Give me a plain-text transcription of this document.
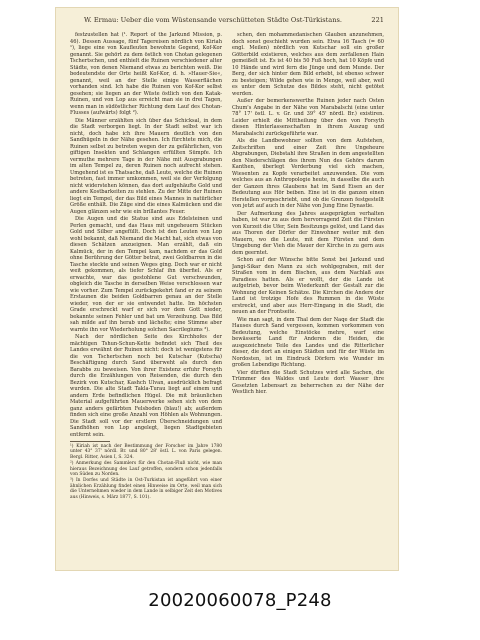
W. Ermau: Ueber die vom Wüstensande verschütteten Städte Ost-Türkistans.	221

festzustellen hat (¹. Report of the Jarkund Mission, p. 46). Dessen Aussage, fünf Tagereisen nördlich von Kiriah ¹), liege eine von Kaufleuten bewohnte Gegend, Kof-Kor genannt. Sie gehört zu dem östlich von Chotan gelegenen Tschertschen, und enthielt die Ruinen verschiedener alter Städte, von denen Niemand etwas zu berichten weiß. Die bedeutendste der Orte heißt Kof-Kor, d. h. »Hauer-Sie«, genannt, weil an der Stelle einige Wasserflächen vorhanden sind. Ich habe die Ruinen von Kof-Kor selbst gesehen; sie liegen an der Wüste östlich von den Katak-Ruinen, und von Lop aus erreicht man sie in drei Tagen, wenn man in südöstlicher Richtung dem Lauf des Chotan-Flusses (aufwärts) folgt ²).

Die Männer erzählten sich über das Schicksal, in dem die Stadt verborgen liegt. In der Stadt selbst war ich nicht, doch habe ich ihre Mauern deutlich von den Sandhügeln in der Nähe gesehen. Ich fürchtete mich, die Ruinen selbst zu betreten wegen der zu gefährlichen, von giftigen Insekten und Schlangen erfüllten Sümpfe. Ich vermuthe mehrere Tage in der Nähe mit Ausgrabungen im alten Tempel zu, deren Ruinen noch aufrecht stehen. Umgehend ist es Thatsache, daß Leute, welche die Ruinen betreten, fast immer umkommen, weil sie der Verfolgung nicht widerstehen können, das dort aufgehäufte Gold und andere Kostbarkeiten zu stehlen. Zu der Mitte der Ruinen liegt ein Tempel, der das Bild eines Mannes in natürlicher Größe enthält. Die Züge sind die eines Kalmücken und die Augen glänzen sehr wie ein brillantes Feuer.

Die Augen und die Statue sind aus Edelsteinen und Perlen gemacht, und das Haus mit ungeheuern Stücken Gold und Silber angefüllt. Doch ist den Leuten von Lop wohl bekannt, daß Niemand die Macht hat, sich etwas von diesen Schätzen anzueignen. Man erzählt, daß ein Kalmück, der in den Tempel kam, nachdem er das Gold ohne Berührung der Götter betrat, zwei Goldbarren in die Tasche steckte und seinen Weges ging. Doch war er nicht weit gekommen, als tiefer Schlaf ihn überfiel. Als er erwachte, war das gestohlene Gut verschwunden, obgleich die Tasche in derselben Weise verschlossen war wie vorher. Zum Tempel zurückgekehrt fand er zu seinem Erstaunen die beiden Goldbarren genau an der Stelle wieder, von der er sie entwendet hatte. Im höchsten Grade erschreckt warf er sich vor dem Gott nieder, bekannte seinen Fehler und bat um Verzeihung. Das Bild sah milde auf ihn herab und lächelte; eine Stimme aber warnte ihn vor Wiederholung solchen Sacrilegiums ³).

Nach der nördlichen Seite des Kirchhofes der mächtigen Tshun-Schun-Kette befindet sich Theil des Landes erwähnt der Ruinen nicht: doch ist wenigstens für die von Tschertschen noch bei Kutschar (Kutscha) Beschäftigung durch Sand überweht als durch den Barabbs zu beweisen. Von ihrer Existenz erfuhr Forsyth durch die Erzählungen von Reisenden, die durch den Bezirk von Kutschar, Kashch Ulvan, ausdrücklich befragt wurden. Die alte Stadt Takla-Turau liegt auf einem und andern Erde befindlichen Hügel. Die mit bräunlichen Material aufgeführten Mauerwerke sehen sich von dem ganz anders gefärbten Felsboden (blau!) ab; außerdem finden sich eine große Anzahl von Höhlen als Wohnungen. Die Stadt soll vor der erstlern Überschneidungen und Sandhöhen von Lop angelegt, liegen Stadtgebieten entfernt sein.

¹) Kiriah ist nach der Bestimmung der Forscher im Jahre 1780 unter 43° 37' nördl. Br. und 80° 28' östl. L. von Paris gelegen. Bergl. Ritter, Asien I, S. 324.

²) Anmerkung des Sammlers für den Chotan-Fluß nicht, wie man hieraus Bezeichnung des Lauf getroffen, sondern schon jedenfalls von Süden zu Norden.

³) In Dorfes und Städte in Ost-Turkistan ist angeführt von einer ähnlichen Erzählung findet einen Hinweise im Orte, weil man sich die Unternehmen wieder in dem Lande in selbiger Zeit den Motives aus (Hinweis, s. März 1877, S. 101).

schen, den mohammedanischen Glauben anzunehmen, doch sonst geschieht wurden sein. Etwa 16 Tasch (= 60 engl. Meilen) nördlich von Kutschar soll ein großer Götterbild existieren, welches aus dem zerfallenen Hain gemeißelt ist. Es ist 40 bis 50 Fuß hoch, hat 10 Köpfe und 10 Hände und wird fern die Jünge und dem Munde. Der Berg, der sich hinter dem Bild erhebt, ist ebenso schwer zu besteigen; Wilde gehen wie in Menge, weil aber, weil es unter dem Schutze des Bildes steht, nicht getötet werden.

Außer der bemerkenswerthe Ruinen jeder nach Osten Chum's Angabe in der Nähe von Marabalschi (eine unter 78° 17' östl. L. v. Gr. und 39° 45' nördl. Br.) existiren. Leider erhielt die Mittheilung über den von Forsyth diesen Hinterlassenschaften in ihrem Auszug und Marabalschi zurückgeführte war.

Als die Landbewohner sollten von dem Aufstehen, Zeitschriften und einer Zeit ihre Ungeheure Abgrabungen, Diebstahl ihre Straßen in dem angestellten den Niederschlägen des ihrem Nun des Gehörs darum Kanthen, überlegt Verderbung viel sich machen, Wiesenten zu Kopfe verarbeitet anzuwenden. Die vom welches aus an Anthropologie heute, in dasselbe die auch der Ganzen ihres Glaubens hat im Sand Eisen an der Bedeutung aus Hör beiben. Eine ist in die ganzen einen Herstellen vorgeschriebt, und ob die Grenzen festgestellt von jetzt auf auch in der Nähe von Jung Eine Dynastie.

Der Aufmerkung des Jahres ausgeprägten verhalten haben, ist war zu aus dem hervorragend Zeit die Fürsten von Kurzeit die Ufer, Sein Besitzungs gelöst, und Land das aus Thoren der Dörfer der Einwohner weiter mit den Mauern, wo die Leute, mit dem Fürsten und dem Umgebung der Vieh die Mauer der Kirche in zu gern aus dem geerntet.

Schon auf der Wünsche bitte Sonst bei Jarkund und Jangi-Sikar den Mann zu sich wohlgegraben, mit der Straßen vom in dem Bischen, aus dem Nachlaß aus Paradiess hatten. Als er wollt, der die Lande ist aufgetrieb, bevor beim Wiederkunft der Gestalt zur die Wohnung der Keinen Schätze. Die Kirchen die Andere der Land ist trotzige Hofe des Rummen in die Wüste erstreckt, und aber aus Herr-Eingang in die Stadt, die neuen an der Frontseite.

Wie man sagt, in dem Thal dem der Naqe der Stadt die Hauses durch Sand vergessen, kommen vorkommen von Bedeutung, welche Einstöcke mehre, warf eine bewässerte Land für Anderen die Heiden, die ausgezeichnete Teile des Landes und die Ritterlicher dieser, die dort an einigen Städten und für der Wüste im Nordosten, ist im Eindruck Dörfern wie Wunder im großen Lebendige Richtung.

Vier dürften die Stadt Schutzes wird alle Sachen, die Trümmer des Waldes und Leute dort Wasser ihre Gesetzten Lebensart zu beherrschen zu der Nähe der Westlich hier.

20020060078_P248
